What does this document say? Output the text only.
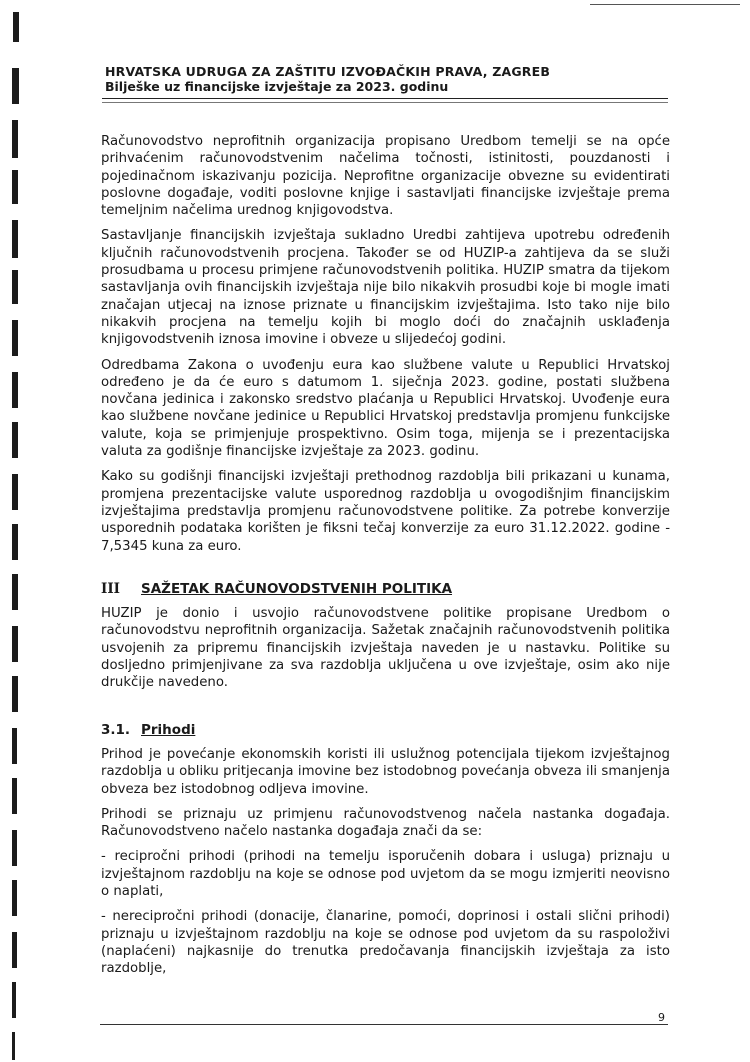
HRVATSKA UDRUGA ZA ZAŠTITU IZVOĐAČKIH PRAVA, ZAGREB
Bilješke uz financijske izvještaje za 2023. godinu

Računovodstvo neprofitnih organizacija propisano Uredbom temelji se na opće prihvaćenim računovodstvenim načelima točnosti, istinitosti, pouzdanosti i pojedinačnom iskazivanju pozicija. Neprofitne organizacije obvezne su evidentirati poslovne događaje, voditi poslovne knjige i sastavljati financijske izvještaje prema temeljnim načelima urednog knjigovodstva.

Sastavljanje financijskih izvještaja sukladno Uredbi zahtijeva upotrebu određenih ključnih računovodstvenih procjena. Također se od HUZIP-a zahtijeva da se služi prosudbama u procesu primjene računovodstvenih politika. HUZIP smatra da tijekom sastavljanja ovih financijskih izvještaja nije bilo nikakvih prosudbi koje bi mogle imati značajan utjecaj na iznose priznate u financijskim izvještajima. Isto tako nije bilo nikakvih procjena na temelju kojih bi moglo doći do značajnih usklađenja knjigovodstvenih iznosa imovine i obveze u slijedećoj godini.

Odredbama Zakona o uvođenju eura kao službene valute u Republici Hrvatskoj određeno je da će euro s datumom 1. siječnja 2023. godine, postati službena novčana jedinica i zakonsko sredstvo plaćanja u Republici Hrvatskoj. Uvođenje eura kao službene novčane jedinice u Republici Hrvatskoj predstavlja promjenu funkcijske valute, koja se primjenjuje prospektivno. Osim toga, mijenja se i prezentacijska valuta za godišnje financijske izvještaje za 2023. godinu.

Kako su godišnji financijski izvještaji prethodnog razdoblja bili prikazani u kunama, promjena prezentacijske valute usporednog razdoblja u ovogodišnjim financijskim izvještajima predstavlja promjenu računovodstvene politike. Za potrebe konverzije usporednih podataka korišten je fiksni tečaj konverzije za euro 31.12.2022. godine - 7,5345 kuna za euro.

III SAŽETAK RAČUNOVODSTVENIH POLITIKA

HUZIP je donio i usvojio računovodstvene politike propisane Uredbom o računovodstvu neprofitnih organizacija. Sažetak značajnih računovodstvenih politika usvojenih za pripremu financijskih izvještaja naveden je u nastavku. Politike su dosljedno primjenjivane za sva razdoblja uključena u ove izvještaje, osim ako nije drukčije navedeno.

3.1. Prihodi

Prihod je povećanje ekonomskih koristi ili uslužnog potencijala tijekom izvještajnog razdoblja u obliku pritjecanja imovine bez istodobnog povećanja obveza ili smanjenja obveza bez istodobnog odljeva imovine.

Prihodi se priznaju uz primjenu računovodstvenog načela nastanka događaja. Računovodstveno načelo nastanka događaja znači da se:

- recipročni prihodi (prihodi na temelju isporučenih dobara i usluga) priznaju u izvještajnom razdoblju na koje se odnose pod uvjetom da se mogu izmjeriti neovisno o naplati,

- nerecipročni prihodi (donacije, članarine, pomoći, doprinosi i ostali slični prihodi) priznaju u izvještajnom razdoblju na koje se odnose pod uvjetom da su raspoloživi (naplaćeni) najkasnije do trenutka predočavanja financijskih izvještaja za isto razdoblje,

9
